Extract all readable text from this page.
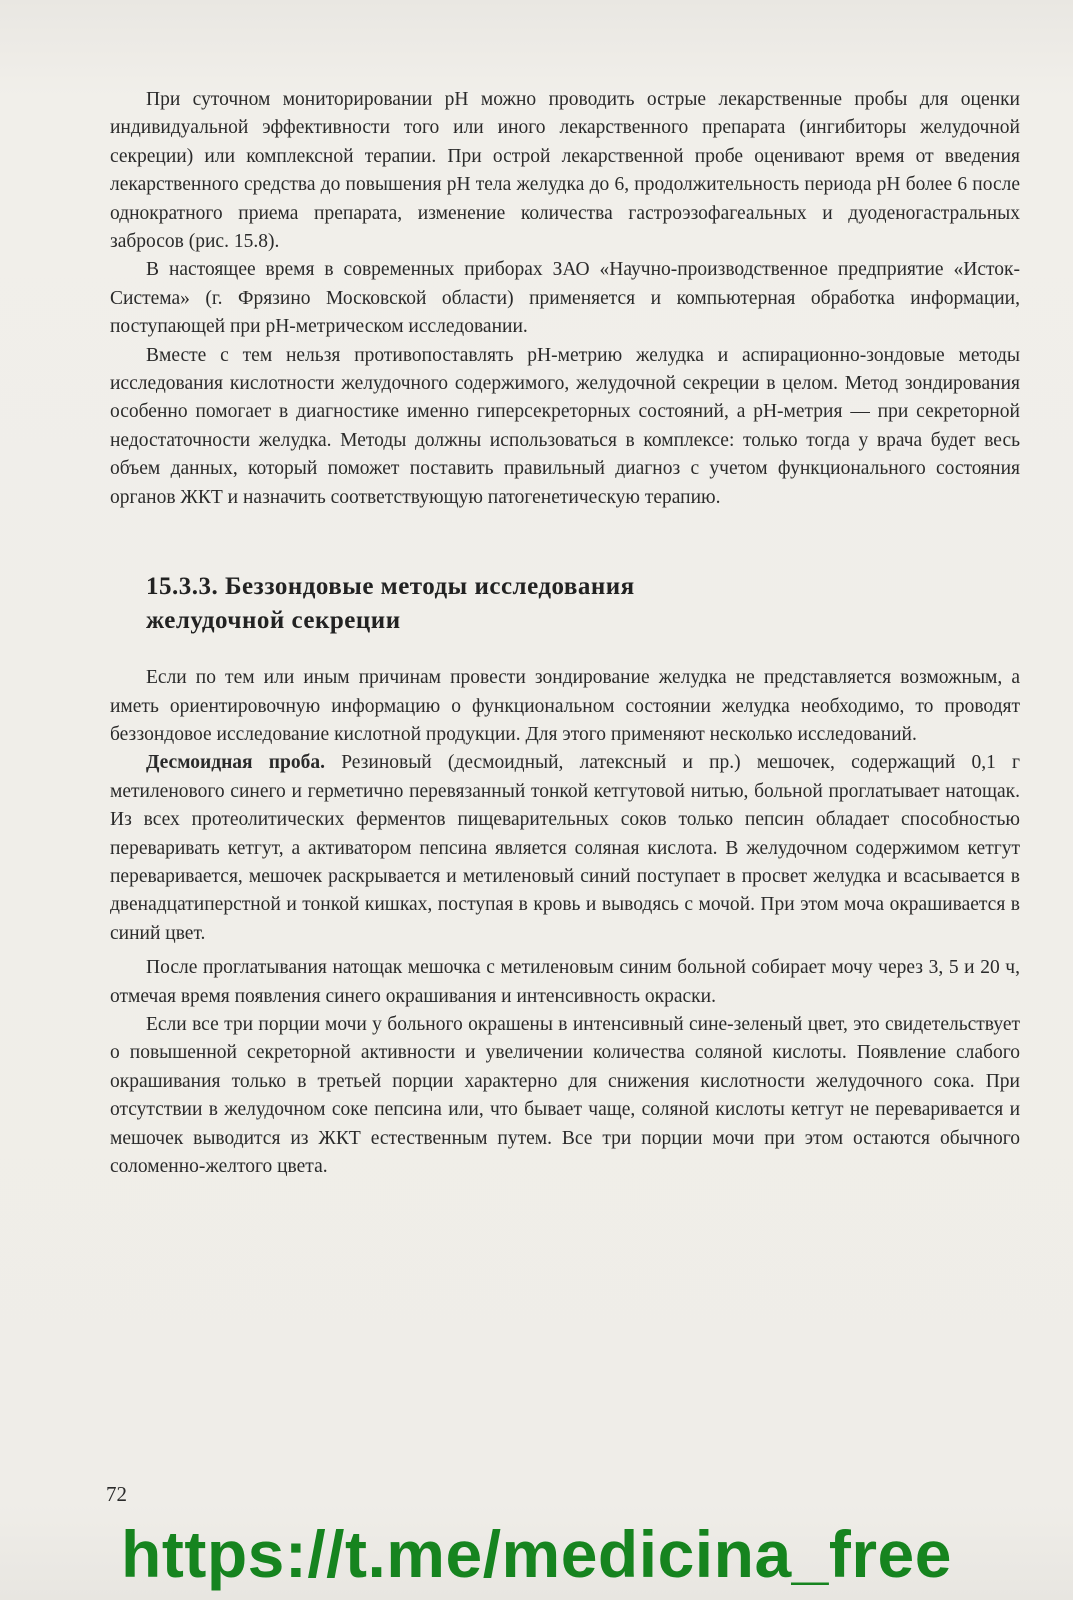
При суточном мониторировании pH можно проводить острые лекарственные пробы для оценки индивидуальной эффективности того или иного лекарственного препарата (ингибиторы желудочной секреции) или комплексной терапии. При острой лекарственной пробе оценивают время от введения лекарственного средства до повышения pH тела желудка до 6, продолжительность периода pH более 6 после однократного приема препарата, изменение количества гастроэзофагеальных и дуоденогастральных забросов (рис. 15.8).

В настоящее время в современных приборах ЗАО «Научно-производственное предприятие «Исток-Система» (г. Фрязино Московской области) применяется и компьютерная обработка информации, поступающей при pH-метрическом исследовании.

Вместе с тем нельзя противопоставлять pH-метрию желудка и аспирационно-зондовые методы исследования кислотности желудочного содержимого, желудочной секреции в целом. Метод зондирования особенно помогает в диагностике именно гиперсекреторных состояний, а pH-метрия — при секреторной недостаточности желудка. Методы должны использоваться в комплексе: только тогда у врача будет весь объем данных, который поможет поставить правильный диагноз с учетом функционального состояния органов ЖКТ и назначить соответствующую патогенетическую терапию.

15.3.3. Беззондовые методы исследования
желудочной секреции

Если по тем или иным причинам провести зондирование желудка не представляется возможным, а иметь ориентировочную информацию о функциональном состоянии желудка необходимо, то проводят беззондовое исследование кислотной продукции. Для этого применяют несколько исследований.

Десмоидная проба. Резиновый (десмоидный, латексный и пр.) мешочек, содержащий 0,1 г метиленового синего и герметично перевязанный тонкой кетгутовой нитью, больной проглатывает натощак. Из всех протеолитических ферментов пищеварительных соков только пепсин обладает способностью переваривать кетгут, а активатором пепсина является соляная кислота. В желудочном содержимом кетгут переваривается, мешочек раскрывается и метиленовый синий поступает в просвет желудка и всасывается в двенадцатиперстной и тонкой кишках, поступая в кровь и выводясь с мочой. При этом моча окрашивается в синий цвет.

После проглатывания натощак мешочка с метиленовым синим больной собирает мочу через 3, 5 и 20 ч, отмечая время появления синего окрашивания и интенсивность окраски.

Если все три порции мочи у больного окрашены в интенсивный сине-зеленый цвет, это свидетельствует о повышенной секреторной активности и увеличении количества соляной кислоты. Появление слабого окрашивания только в третьей порции характерно для снижения кислотности желудочного сока. При отсутствии в желудочном соке пепсина или, что бывает чаще, соляной кислоты кетгут не переваривается и мешочек выводится из ЖКТ естественным путем. Все три порции мочи при этом остаются обычного соломенно-желтого цвета.

72
https://t.me/medicina_free
